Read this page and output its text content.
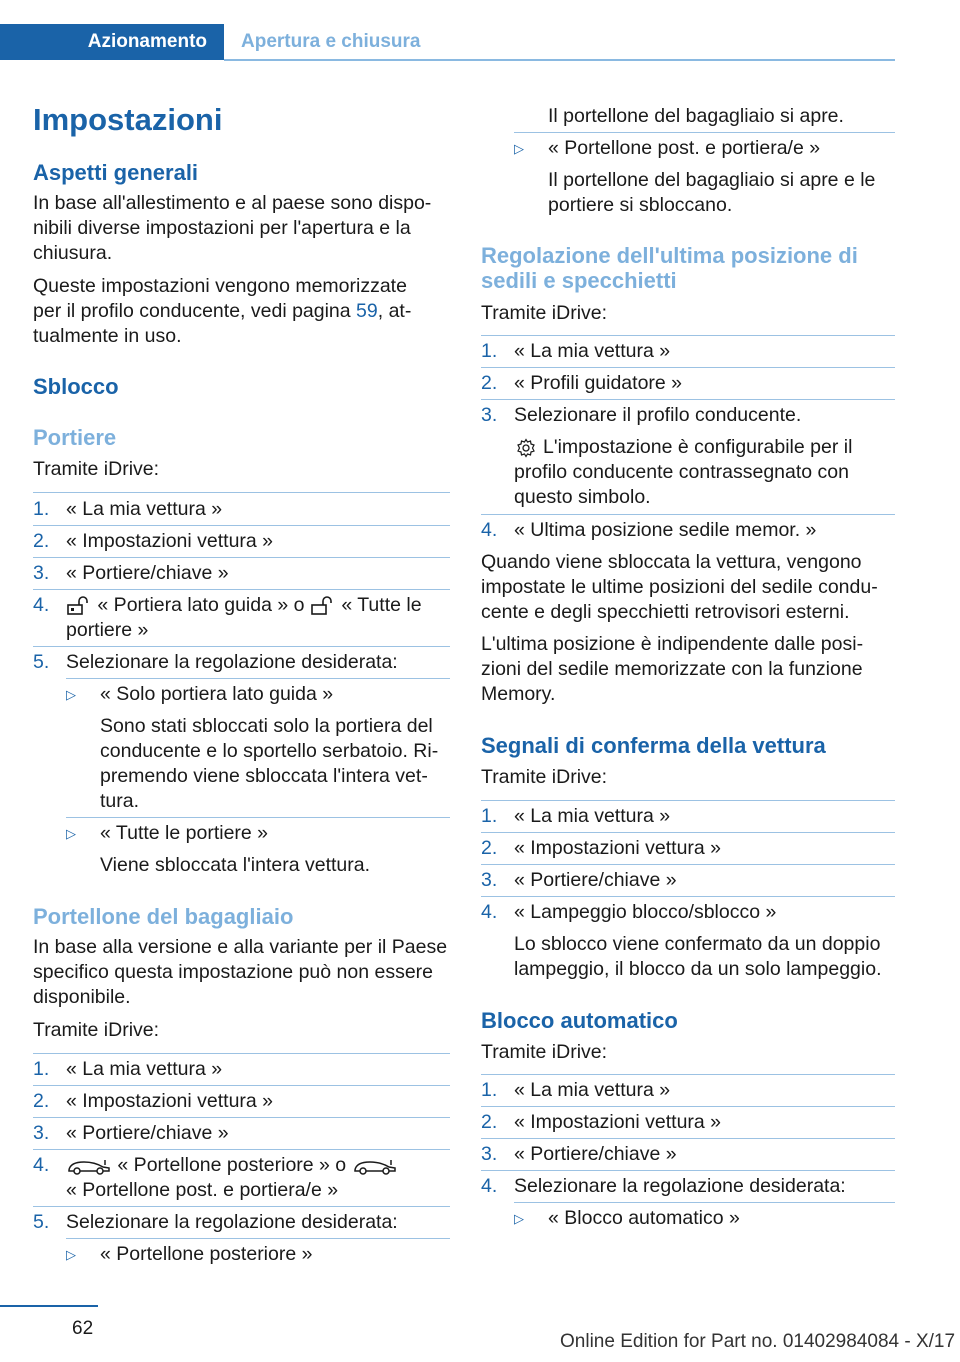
Azionamento	Apertura e chiusura
Impostazioni
Aspetti generali
In base all'allestimento e al paese sono dispo-
nibili diverse impostazioni per l'apertura e la
chiusura.
Queste impostazioni vengono memorizzate
per il profilo conducente, vedi pagina 59, at-
tualmente in uso.
Sblocco
Portiere
Tramite iDrive:
1. « La mia vettura »
2. « Impostazioni vettura »
3. « Portiere/chiave »
4.	« Portiera lato guida » o « Tutte le
portiere »
5. Selezionare la regolazione desiderata:
▷ « Solo portiera lato guida »
Sono stati sbloccati solo la portiera del
conducente e lo sportello serbatoio. Ri-
premendo viene sbloccata l'intera vet-
tura.
▷ « Tutte le portiere »
Viene sbloccata l'intera vettura.
Portellone del bagagliaio
In base alla versione e alla variante per il Paese
specifico questa impostazione può non essere
disponibile.
Tramite iDrive:
1. « La mia vettura »
2. « Impostazioni vettura »
3. « Portiere/chiave »
4.	« Portellone posteriore » o
« Portellone post. e portiera/e »
5. Selezionare la regolazione desiderata:
▷ « Portellone posteriore »
Il portellone del bagagliaio si apre.
▷ « Portellone post. e portiera/e »
Il portellone del bagagliaio si apre e le
portiere si sbloccano.
Regolazione dell'ultima posizione di
sedili e specchietti
Tramite iDrive:
1. « La mia vettura »
2. « Profili guidatore »
3. Selezionare il profilo conducente.
L'impostazione è configurabile per il
profilo conducente contrassegnato con
questo simbolo.
4. « Ultima posizione sedile memor. »
Quando viene sbloccata la vettura, vengono
impostate le ultime posizioni del sedile condu-
cente e degli specchietti retrovisori esterni.
L'ultima posizione è indipendente dalle posi-
zioni del sedile memorizzate con la funzione
Memory.
Segnali di conferma della vettura
Tramite iDrive:
1. « La mia vettura »
2. « Impostazioni vettura »
3. « Portiere/chiave »
4. « Lampeggio blocco/sblocco »
Lo sblocco viene confermato da un doppio
lampeggio, il blocco da un solo lampeggio.
Blocco automatico
Tramite iDrive:
1. « La mia vettura »
2. « Impostazioni vettura »
3. « Portiere/chiave »
4. Selezionare la regolazione desiderata:
▷ « Blocco automatico »
62
Online Edition for Part no. 01402984084 - X/17
